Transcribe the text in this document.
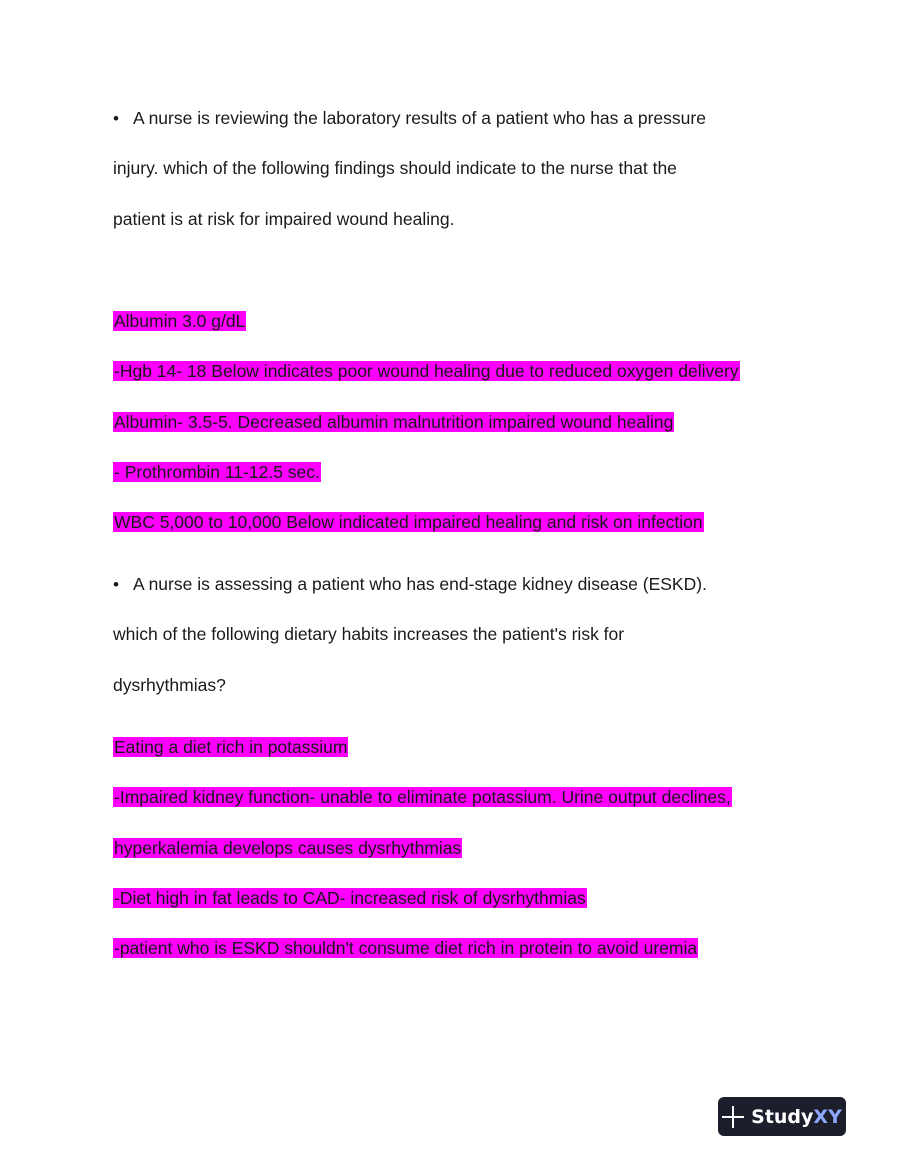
• A nurse is reviewing the laboratory results of a patient who has a pressure
injury. which of the following findings should indicate to the nurse that the
patient is at risk for impaired wound healing.
Albumin 3.0 g/dL
-Hgb 14- 18 Below indicates poor wound healing due to reduced oxygen delivery
Albumin- 3.5-5. Decreased albumin malnutrition impaired wound healing
- Prothrombin 11-12.5 sec.
WBC 5,000 to 10,000 Below indicated impaired healing and risk on infection
• A nurse is assessing a patient who has end-stage kidney disease (ESKD).
which of the following dietary habits increases the patient's risk for
dysrhythmias?
Eating a diet rich in potassium
-Impaired kidney function- unable to eliminate potassium. Urine output declines,
hyperkalemia develops causes dysrhythmias
-Diet high in fat leads to CAD- increased risk of dysrhythmias
-patient who is ESKD shouldn't consume diet rich in protein to avoid uremia
Study XY
